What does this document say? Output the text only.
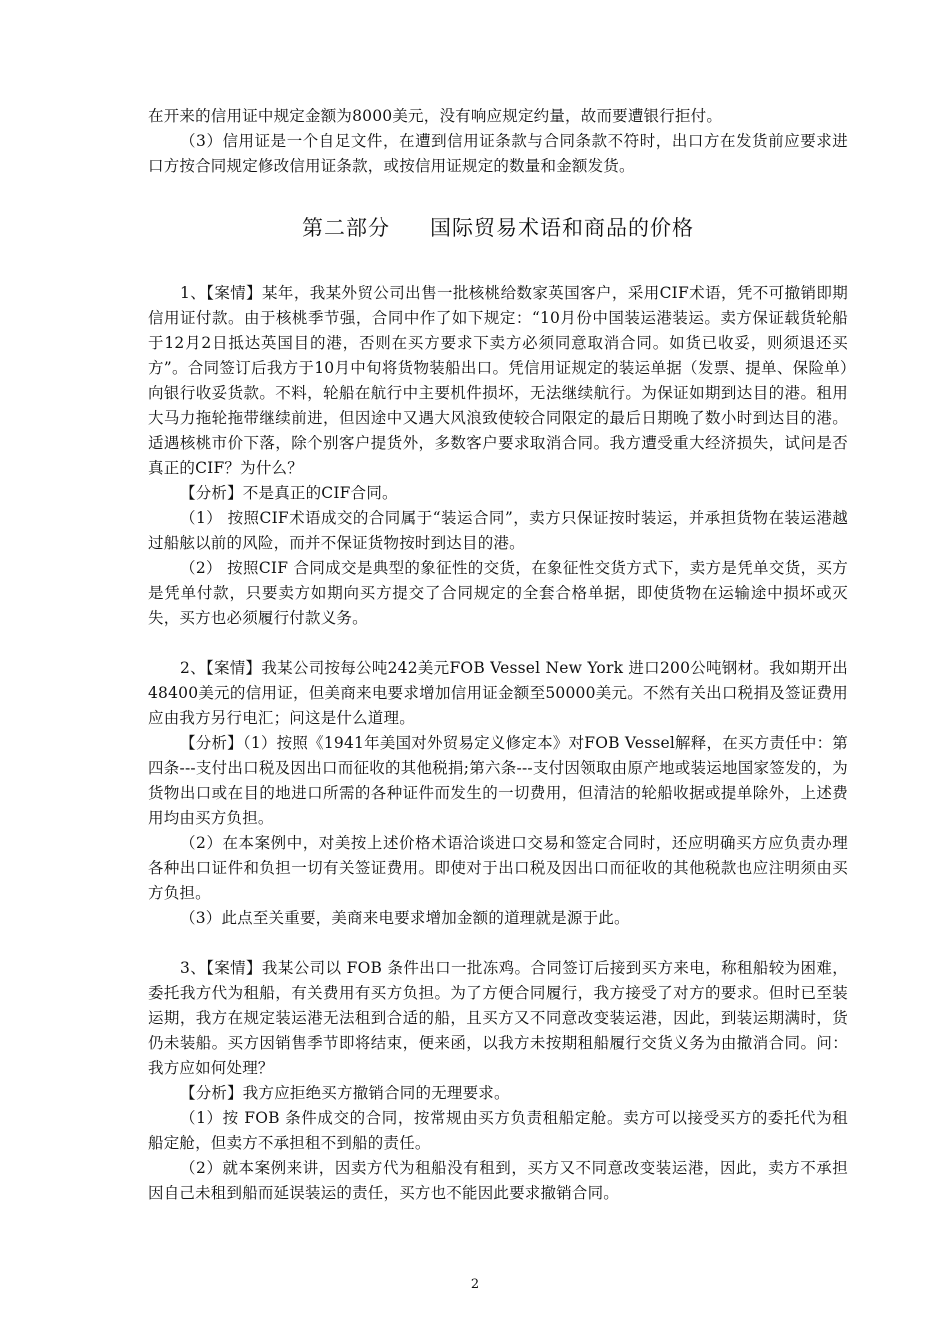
在开来的信用证中规定金额为8000美元，没有响应规定约量，故而要遭银行拒付。

（3）信用证是一个自足文件，在遭到信用证条款与合同条款不符时，出口方在发货前应要求进口方按合同规定修改信用证条款，或按信用证规定的数量和金额发货。

第二部分 国际贸易术语和商品的价格

1、【案情】某年，我某外贸公司出售一批核桃给数家英国客户，采用CIF术语，凭不可撤销即期信用证付款。由于核桃季节强，合同中作了如下规定：“10月份中国装运港装运。卖方保证载货轮船于12月2日抵达英国目的港，否则在买方要求下卖方必须同意取消合同。如货已收妥，则须退还买方”。合同签订后我方于10月中旬将货物装船出口。凭信用证规定的装运单据（发票、提单、保险单）向银行收妥货款。不料，轮船在航行中主要机件损坏，无法继续航行。为保证如期到达目的港。租用大马力拖轮拖带继续前进，但因途中又遇大风浪致使较合同限定的最后日期晚了数小时到达目的港。适遇核桃市价下落，除个别客户提货外，多数客户要求取消合同。我方遭受重大经济损失，试问是否真正的CIF？为什么？

【分析】不是真正的CIF合同。

（1） 按照CIF术语成交的合同属于“装运合同”，卖方只保证按时装运，并承担货物在装运港越过船舷以前的风险，而并不保证货物按时到达目的港。

（2） 按照CIF 合同成交是典型的象征性的交货，在象征性交货方式下，卖方是凭单交货，买方是凭单付款，只要卖方如期向买方提交了合同规定的全套合格单据，即使货物在运输途中损坏或灭失，买方也必须履行付款义务。

2、【案情】我某公司按每公吨242美元FOB Vessel New York 进口200公吨钢材。我如期开出48400美元的信用证，但美商来电要求增加信用证金额至50000美元。不然有关出口税捐及签证费用应由我方另行电汇；问这是什么道理。

【分析】（1）按照《1941年美国对外贸易定义修定本》对FOB Vessel解释，在买方责任中：第四条---支付出口税及因出口而征收的其他税捐;第六条---支付因领取由原产地或装运地国家签发的，为货物出口或在目的地进口所需的各种证件而发生的一切费用，但清洁的轮船收据或提单除外，上述费用均由买方负担。

（2）在本案例中，对美按上述价格术语洽谈进口交易和签定合同时，还应明确买方应负责办理各种出口证件和负担一切有关签证费用。即使对于出口税及因出口而征收的其他税款也应注明须由买方负担。

（3）此点至关重要，美商来电要求增加金额的道理就是源于此。

3、【案情】我某公司以 FOB 条件出口一批冻鸡。合同签订后接到买方来电，称租船较为困难，委托我方代为租船，有关费用有买方负担。为了方便合同履行，我方接受了对方的要求。但时已至装运期，我方在规定装运港无法租到合适的船，且买方又不同意改变装运港，因此，到装运期满时，货仍未装船。买方因销售季节即将结束，便来函，以我方未按期租船履行交货义务为由撤消合同。问：我方应如何处理？

【分析】我方应拒绝买方撤销合同的无理要求。

（1）按 FOB 条件成交的合同，按常规由买方负责租船定舱。卖方可以接受买方的委托代为租船定舱，但卖方不承担租不到船的责任。

（2）就本案例来讲，因卖方代为租船没有租到，买方又不同意改变装运港，因此，卖方不承担因自己未租到船而延误装运的责任，买方也不能因此要求撤销合同。

2
